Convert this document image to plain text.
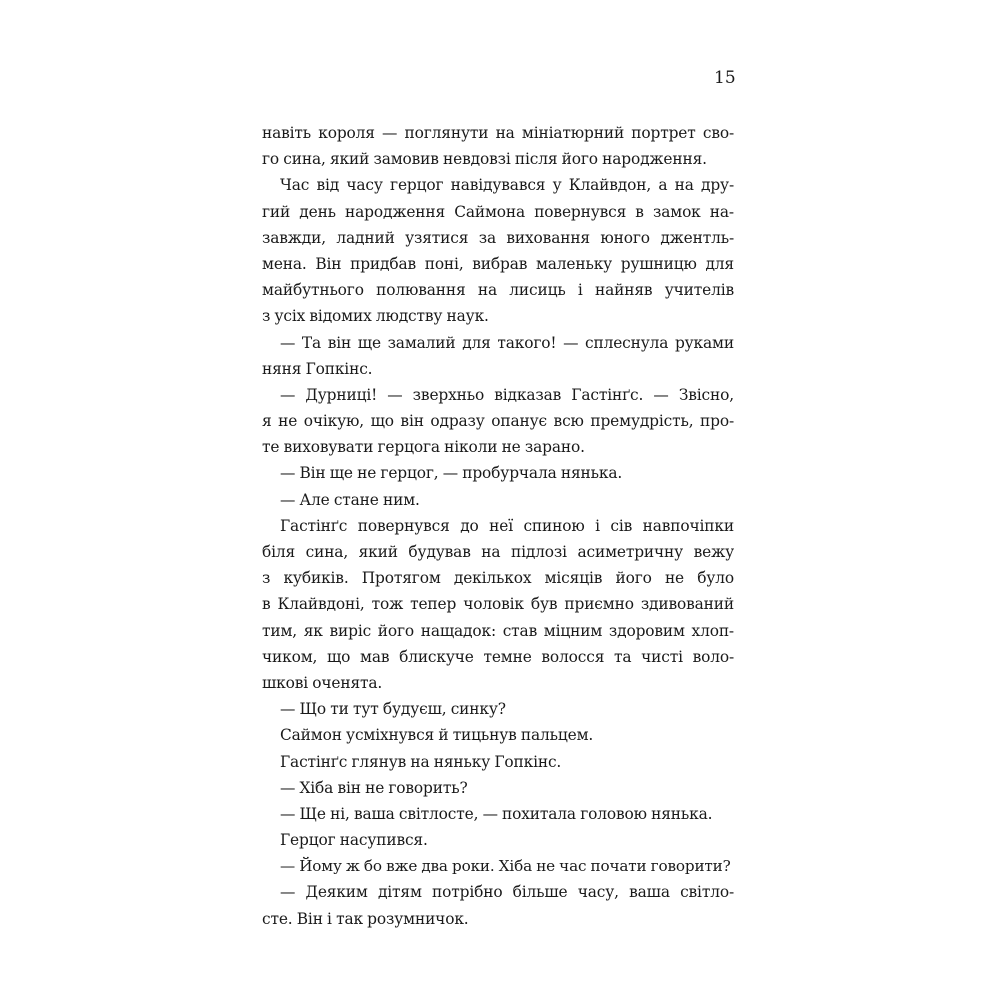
15
навіть короля — поглянути на мініатюрний портрет сво-
го сина, який замовив невдовзі після його народження.
Час від часу герцог навідувався у Клайвдон, а на дру-
гий день народження Саймона повернувся в замок на-
завжди, ладний узятися за виховання юного джентль-
мена. Він придбав поні, вибрав маленьку рушницю для
майбутнього полювання на лисиць і найняв учителів
з усіх відомих людству наук.
— Та він ще замалий для такого! — сплеснула руками
няня Гопкінс.
— Дурниці! — зверхньо відказав Гастінґс. — Звісно,
я не очікую, що він одразу опанує всю премудрість, про-
те виховувати герцога ніколи не зарано.
— Він ще не герцог, — пробурчала нянька.
— Але стане ним.
Гастінґс повернувся до неї спиною і сів навпочіпки
біля сина, який будував на підлозі асиметричну вежу
з кубиків. Протягом декількох місяців його не було
в Клайвдоні, тож тепер чоловік був приємно здивований
тим, як виріс його нащадок: став міцним здоровим хлоп-
чиком, що мав блискуче темне волосся та чисті воло-
шкові оченята.
— Що ти тут будуєш, синку?
Саймон усміхнувся й тицьнув пальцем.
Гастінґс глянув на няньку Гопкінс.
— Хіба він не говорить?
— Ще ні, ваша світлосте, — похитала головою нянька.
Герцог насупився.
— Йому ж бо вже два роки. Хіба не час почати говорити?
— Деяким дітям потрібно більше часу, ваша світло-
сте. Він і так розумничок.
